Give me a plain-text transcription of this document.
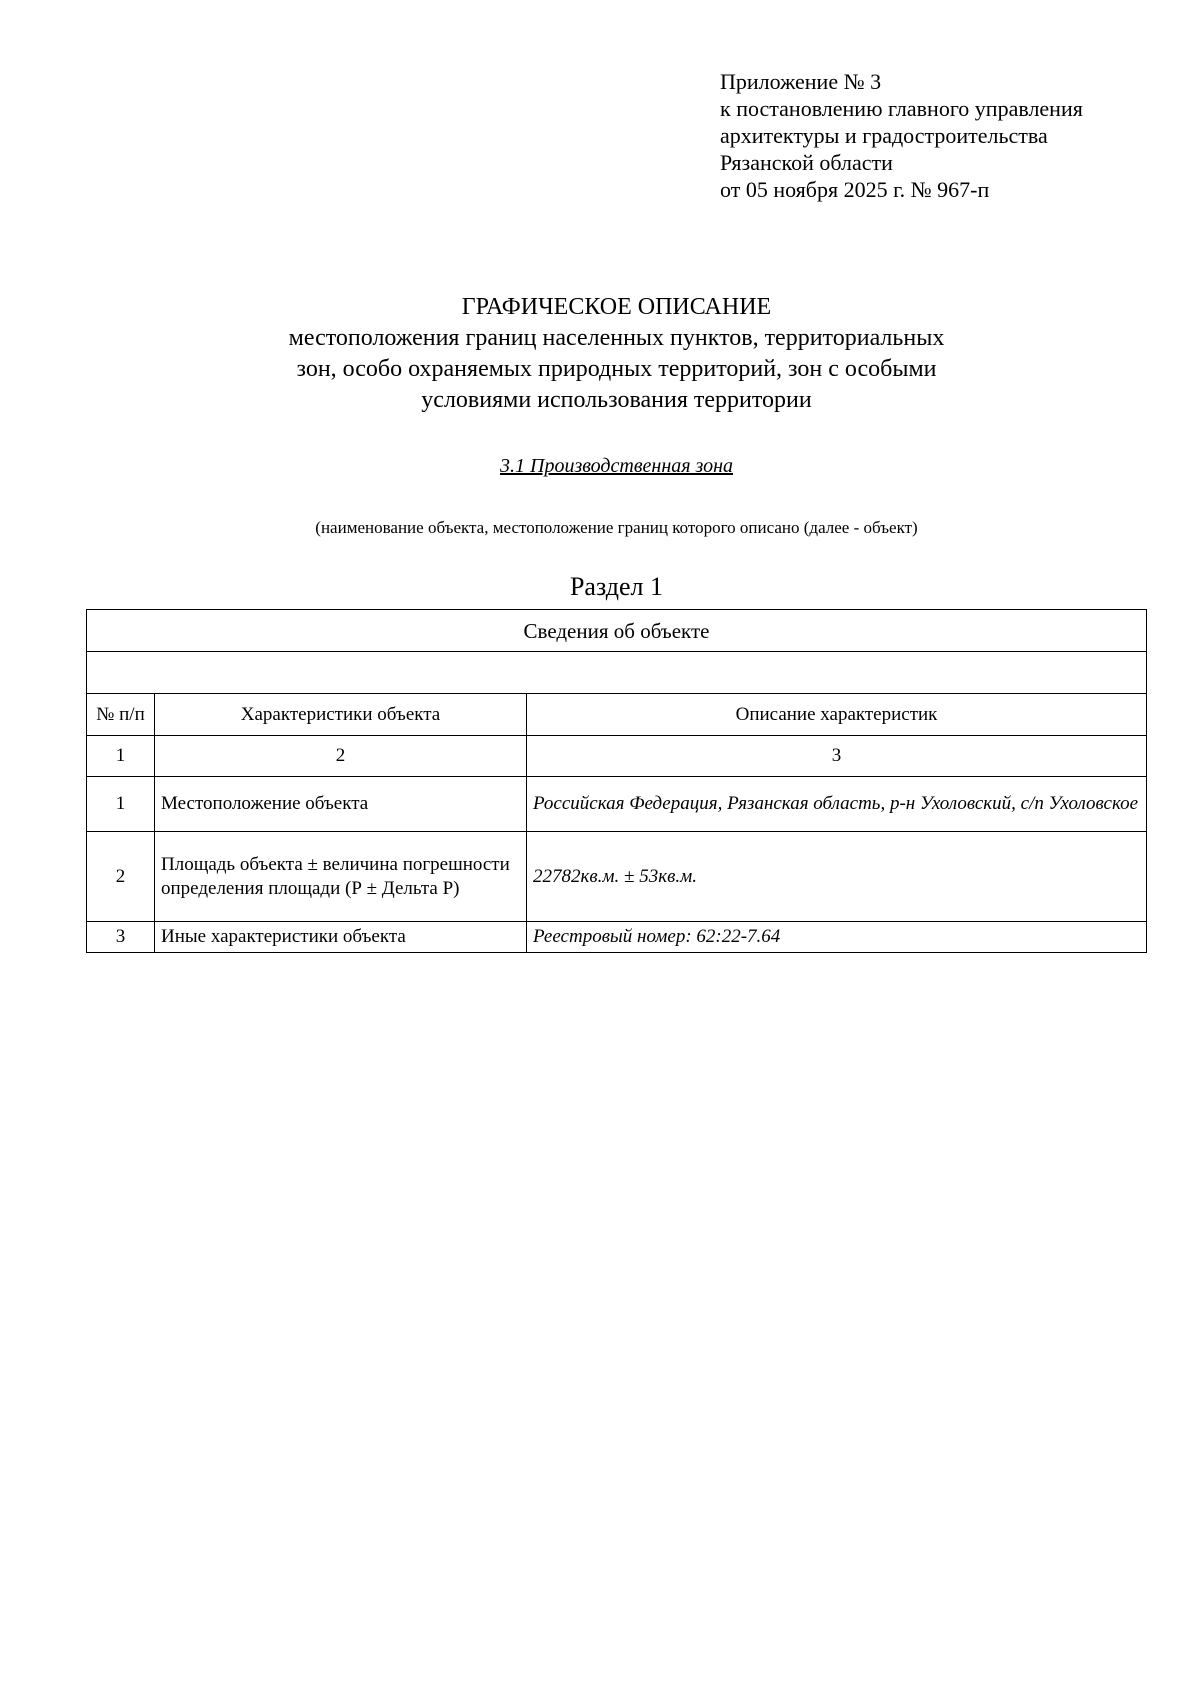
Приложение № 3
к постановлению главного управления
архитектуры и градостроительства
Рязанской области
от 05 ноября 2025 г. № 967-п
ГРАФИЧЕСКОЕ ОПИСАНИЕ
местоположения границ населенных пунктов, территориальных
зон, особо охраняемых природных территорий, зон с особыми
условиями использования территории
3.1 Производственная зона
(наименование объекта, местоположение границ которого описано (далее - объект)
Раздел 1
Сведения об объекте		

№ п/п	Характеристики объекта	Описание характеристик
1	2	3
1	Местоположение объекта	Российская Федерация, Рязанская область, р-н Ухоловский, с/п Ухоловское
2	Площадь объекта ± величина погрешности определения площади (Р ± Дельта Р)	22782кв.м. ± 53кв.м.
3	Иные характеристики объекта	Реестровый номер: 62:22-7.64
